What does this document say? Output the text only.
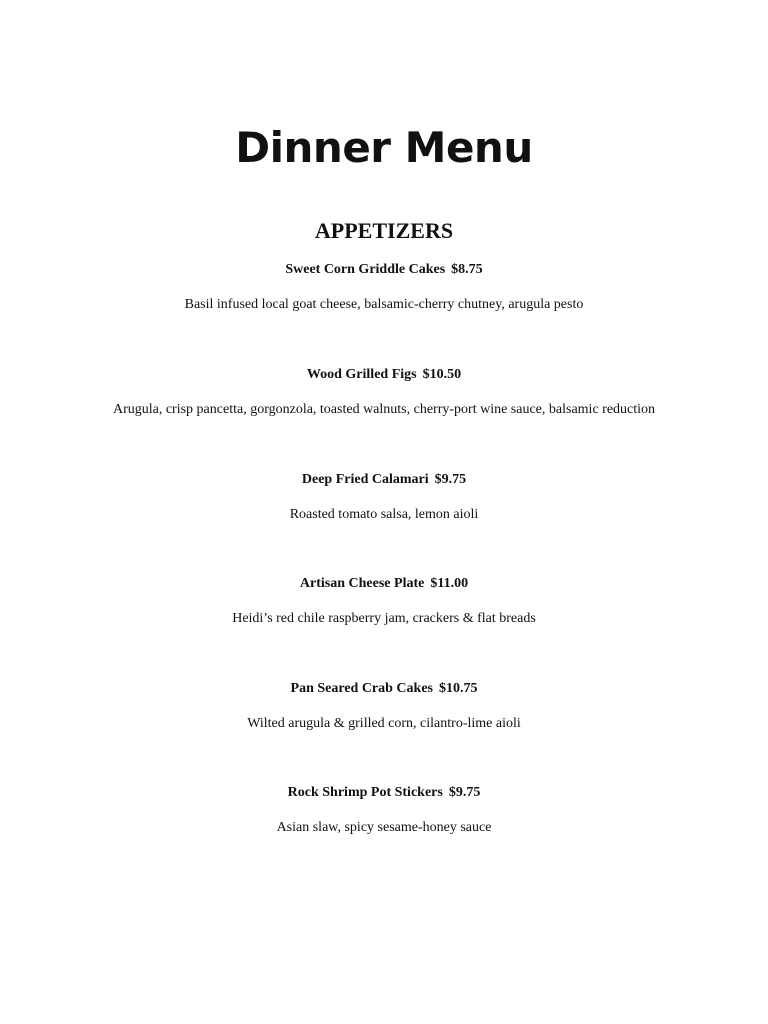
Dinner Menu
APPETIZERS
Sweet Corn Griddle Cakes $8.75
Basil infused local goat cheese, balsamic-cherry chutney, arugula pesto
Wood Grilled Figs $10.50
Arugula, crisp pancetta, gorgonzola, toasted walnuts, cherry-port wine sauce, balsamic reduction
Deep Fried Calamari $9.75
Roasted tomato salsa, lemon aioli
Artisan Cheese Plate $11.00
Heidi’s red chile raspberry jam, crackers & flat breads
Pan Seared Crab Cakes $10.75
Wilted arugula & grilled corn, cilantro-lime aioli
Rock Shrimp Pot Stickers $9.75
Asian slaw, spicy sesame-honey sauce
